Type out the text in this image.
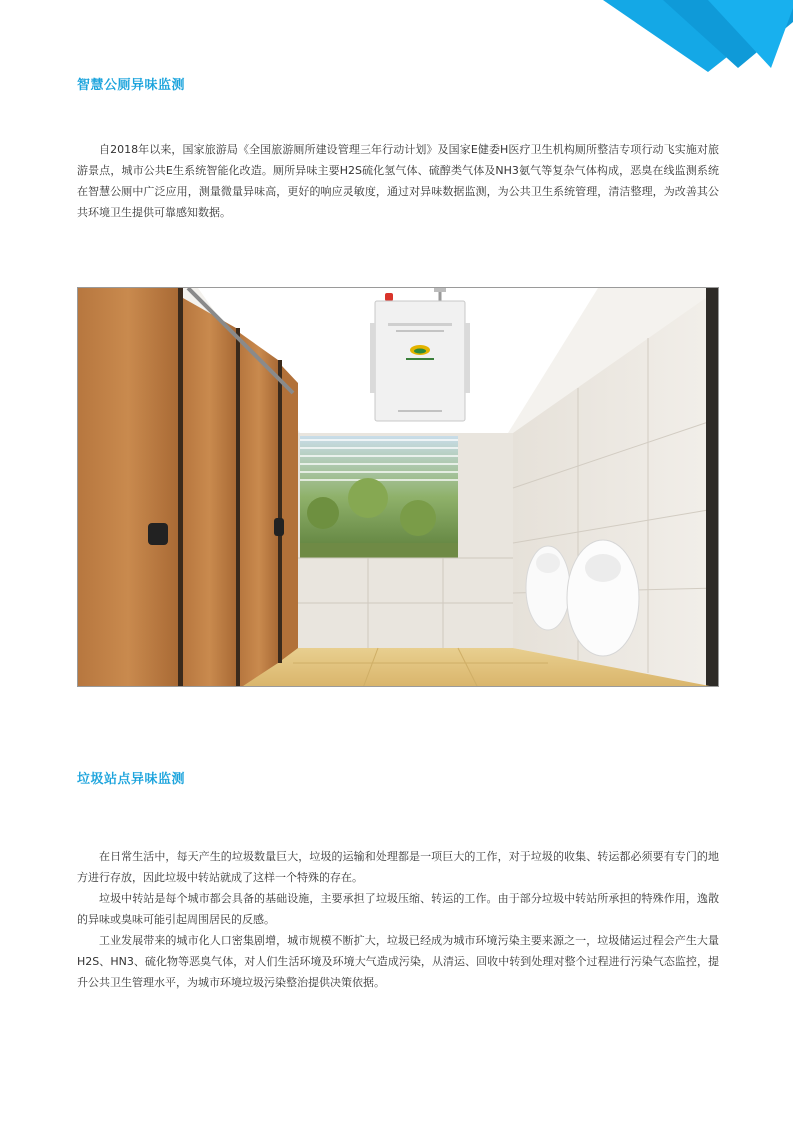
智慧公厕异味监测

自2018年以来，国家旅游局《全国旅游厕所建设管理三年行动计划》及国家E健委H医疗卫生机构厕所整洁专项行动飞实施对旅游景点，城市公共E生系统智能化改造。厕所异味主要H2S硫化氢气体、硫醇类气体及NH3氨气等复杂气体构成，恶臭在线监测系统在智慧公厕中广泛应用，测量微量异味高，更好的响应灵敏度，通过对异味数据监测，为公共卫生系统管理，清洁整理，为改善其公共环境卫生提供可靠感知数据。

垃圾站点异味监测

在日常生活中，每天产生的垃圾数量巨大，垃圾的运输和处理都是一项巨大的工作，对于垃圾的收集、转运都必须要有专门的地方进行存放，因此垃圾中转站就成了这样一个特殊的存在。

垃圾中转站是每个城市都会具备的基础设施，主要承担了垃圾压缩、转运的工作。由于部分垃圾中转站所承担的特殊作用，逸散的异味或臭味可能引起周围居民的反感。

工业发展带来的城市化人口密集剧增，城市规模不断扩大，垃圾已经成为城市环境污染主要来源之一，垃圾储运过程会产生大量H2S、HN3、硫化物等恶臭气体，对人们生活环境及环境大气造成污染，从清运、回收中转到处理对整个过程进行污染气态监控，提升公共卫生管理水平，为城市环境垃圾污染整治提供决策依据。
